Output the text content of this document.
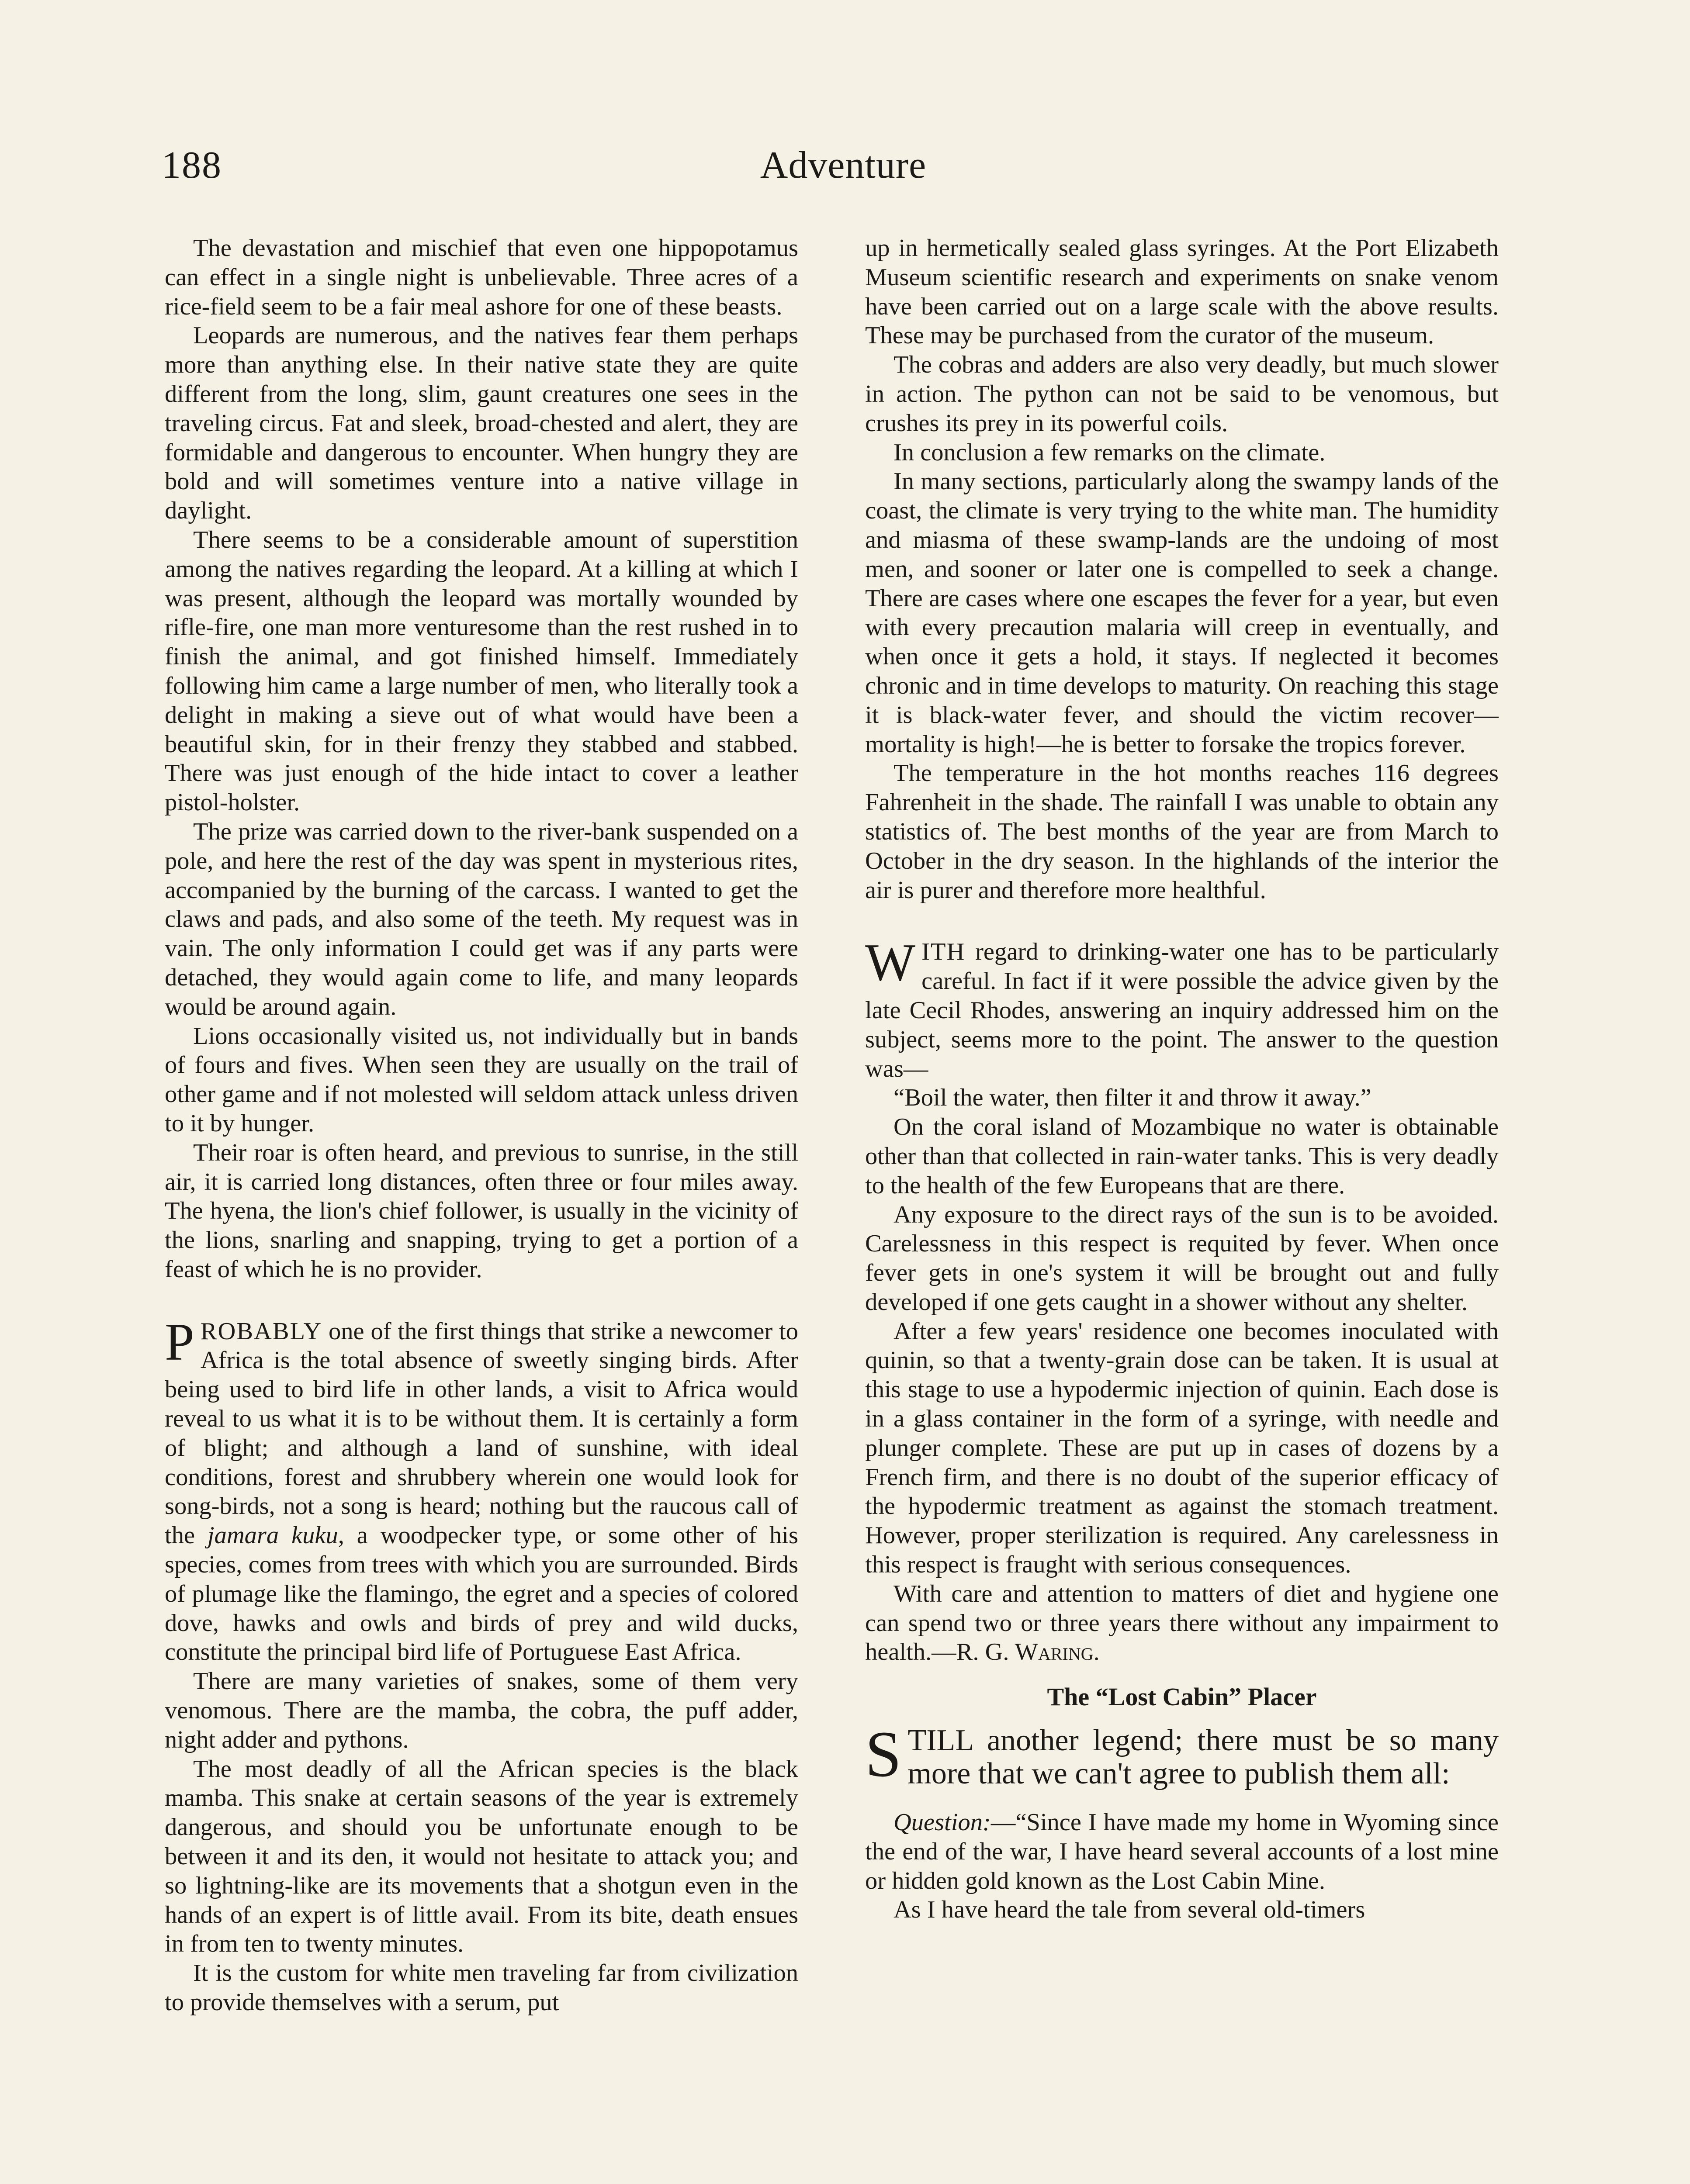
188	Adventure

The devastation and mischief that even one hippopotamus can effect in a single night is unbelievable. Three acres of a rice-field seem to be a fair meal ashore for one of these beasts.

Leopards are numerous, and the natives fear them perhaps more than anything else. In their native state they are quite different from the long, slim, gaunt creatures one sees in the traveling circus. Fat and sleek, broad-chested and alert, they are formidable and dangerous to encounter. When hungry they are bold and will sometimes venture into a native village in daylight.

There seems to be a considerable amount of superstition among the natives regarding the leopard. At a killing at which I was present, although the leopard was mortally wounded by rifle-fire, one man more venturesome than the rest rushed in to finish the animal, and got finished himself. Immediately following him came a large number of men, who literally took a delight in making a sieve out of what would have been a beautiful skin, for in their frenzy they stabbed and stabbed. There was just enough of the hide intact to cover a leather pistol-holster.

The prize was carried down to the river-bank suspended on a pole, and here the rest of the day was spent in mysterious rites, accompanied by the burning of the carcass. I wanted to get the claws and pads, and also some of the teeth. My request was in vain. The only information I could get was if any parts were detached, they would again come to life, and many leopards would be around again.

Lions occasionally visited us, not individually but in bands of fours and fives. When seen they are usually on the trail of other game and if not molested will seldom attack unless driven to it by hunger.

Their roar is often heard, and previous to sunrise, in the still air, it is carried long distances, often three or four miles away. The hyena, the lion's chief follower, is usually in the vicinity of the lions, snarling and snapping, trying to get a portion of a feast of which he is no provider.

PROBABLY one of the first things that strike a newcomer to Africa is the total absence of sweetly singing birds. After being used to bird life in other lands, a visit to Africa would reveal to us what it is to be without them. It is certainly a form of blight; and although a land of sunshine, with ideal conditions, forest and shrubbery wherein one would look for song-birds, not a song is heard; nothing but the raucous call of the jamara kuku, a woodpecker type, or some other of his species, comes from trees with which you are surrounded. Birds of plumage like the flamingo, the egret and a species of colored dove, hawks and owls and birds of prey and wild ducks, constitute the principal bird life of Portuguese East Africa.

There are many varieties of snakes, some of them very venomous. There are the mamba, the cobra, the puff adder, night adder and pythons.

The most deadly of all the African species is the black mamba. This snake at certain seasons of the year is extremely dangerous, and should you be unfortunate enough to be between it and its den, it would not hesitate to attack you; and so lightning-like are its movements that a shotgun even in the hands of an expert is of little avail. From its bite, death ensues in from ten to twenty minutes.

It is the custom for white men traveling far from civilization to provide themselves with a serum, put

up in hermetically sealed glass syringes. At the Port Elizabeth Museum scientific research and experiments on snake venom have been carried out on a large scale with the above results. These may be purchased from the curator of the museum.

The cobras and adders are also very deadly, but much slower in action. The python can not be said to be venomous, but crushes its prey in its powerful coils.

In conclusion a few remarks on the climate.

In many sections, particularly along the swampy lands of the coast, the climate is very trying to the white man. The humidity and miasma of these swamp-lands are the undoing of most men, and sooner or later one is compelled to seek a change. There are cases where one escapes the fever for a year, but even with every precaution malaria will creep in eventually, and when once it gets a hold, it stays. If neglected it becomes chronic and in time develops to maturity. On reaching this stage it is black-water fever, and should the victim recover—mortality is high!—he is better to forsake the tropics forever.

The temperature in the hot months reaches 116 degrees Fahrenheit in the shade. The rainfall I was unable to obtain any statistics of. The best months of the year are from March to October in the dry season. In the highlands of the interior the air is purer and therefore more healthful.

WITH regard to drinking-water one has to be particularly careful. In fact if it were possible the advice given by the late Cecil Rhodes, answering an inquiry addressed him on the subject, seems more to the point. The answer to the question was—

“Boil the water, then filter it and throw it away.”

On the coral island of Mozambique no water is obtainable other than that collected in rain-water tanks. This is very deadly to the health of the few Europeans that are there.

Any exposure to the direct rays of the sun is to be avoided. Carelessness in this respect is requited by fever. When once fever gets in one's system it will be brought out and fully developed if one gets caught in a shower without any shelter.

After a few years' residence one becomes inoculated with quinin, so that a twenty-grain dose can be taken. It is usual at this stage to use a hypodermic injection of quinin. Each dose is in a glass container in the form of a syringe, with needle and plunger complete. These are put up in cases of dozens by a French firm, and there is no doubt of the superior efficacy of the hypodermic treatment as against the stomach treatment. However, proper sterilization is required. Any carelessness in this respect is fraught with serious consequences.

With care and attention to matters of diet and hygiene one can spend two or three years there without any impairment to health.—R. G. Waring.

The “Lost Cabin” Placer

STILL another legend; there must be so many more that we can't agree to publish them all:

Question:—“Since I have made my home in Wyoming since the end of the war, I have heard several accounts of a lost mine or hidden gold known as the Lost Cabin Mine.

As I have heard the tale from several old-timers
